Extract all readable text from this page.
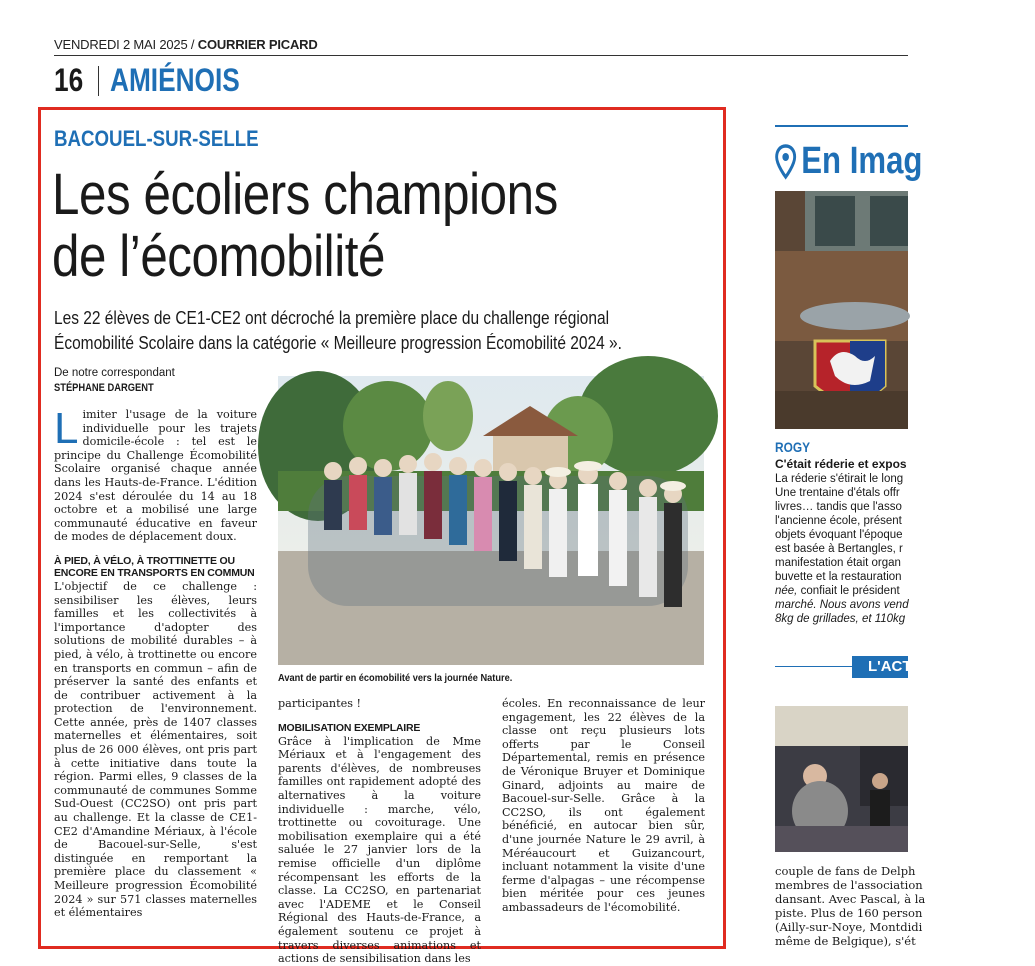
VENDREDI 2 MAI 2025 / COURRIER PICARD
16 AMIÉNOIS
BACOUEL-SUR-SELLE
Les écoliers champions
de l’écomobilité
Les 22 élèves de CE1-CE2 ont décroché la première place du challenge régional Écomobilité Scolaire dans la catégorie « Meilleure progression Écomobilité 2024 ».
De notre correspondant
STÉPHANE DARGENT

Limiter l'usage de la voiture individuelle pour les trajets domicile-école : tel est le principe du Challenge Écomobilité Scolaire organisé chaque année dans les Hauts-de-France. L'édition 2024 s'est déroulée du 14 au 18 octobre et a mobilisé une large communauté éducative en faveur de modes de déplacement doux.

À PIED, À VÉLO, À TROTTINETTE OU ENCORE EN TRANSPORTS EN COMMUN

L'objectif de ce challenge : sensibiliser les élèves, leurs familles et les collectivités à l'importance d'adopter des solutions de mobilité durables – à pied, à vélo, à trottinette ou encore en transports en commun – afin de préserver la santé des enfants et de contribuer activement à la protection de l'environnement. Cette année, près de 1407 classes maternelles et élémentaires, soit plus de 26 000 élèves, ont pris part à cette initiative dans toute la région. Parmi elles, 9 classes de la communauté de communes Somme Sud-Ouest (CC2SO) ont pris part au challenge. Et la classe de CE1-CE2 d'Amandine Mériaux, à l'école de Bacouel-sur-Selle, s'est distinguée en remportant la première place du classement « Meilleure progression Écomobilité 2024 » sur 571 classes maternelles et élémentaires

Avant de partir en écomobilité vers la journée Nature.

participantes !

MOBILISATION EXEMPLAIRE

Grâce à l'implication de Mme Mériaux et à l'engagement des parents d'élèves, de nombreuses familles ont rapidement adopté des alternatives à la voiture individuelle : marche, vélo, trottinette ou covoiturage. Une mobilisation exemplaire qui a été saluée le 27 janvier lors de la remise officielle d'un diplôme récompensant les efforts de la classe. La CC2SO, en partenariat avec l'ADEME et le Conseil Régional des Hauts-de-France, a également soutenu ce projet à travers diverses animations et actions de sensibilisation dans les

écoles. En reconnaissance de leur engagement, les 22 élèves de la classe ont reçu plusieurs lots offerts par le Conseil Départemental, remis en présence de Véronique Bruyer et Dominique Ginard, adjoints au maire de Bacouel-sur-Selle. Grâce à la CC2SO, ils ont également bénéficié, en autocar bien sûr, d'une journée Nature le 29 avril, à Méréaucourt et Guizancourt, incluant notamment la visite d'une ferme d'alpagas – une récompense bien méritée pour ces jeunes ambassadeurs de l'écomobilité.

En Imag
ROGY
C'était réderie et expos
La réderie s'étirait le long
Une trentaine d'étals offr
livres… tandis que l'asso
l'ancienne école, présent
objets évoquant l'époque
est basée à Bertangles, r
manifestation était organ
buvette et la restauration
née, confiait le président
marché. Nous avons vend
8kg de grillades, et 110kg
L'ACT
couple de fans de Delph
membres de l'association
dansant. Avec Pascal, à la
piste. Plus de 160 person
(Ailly-sur-Noye, Montdidi
même de Belgique), s'ét
